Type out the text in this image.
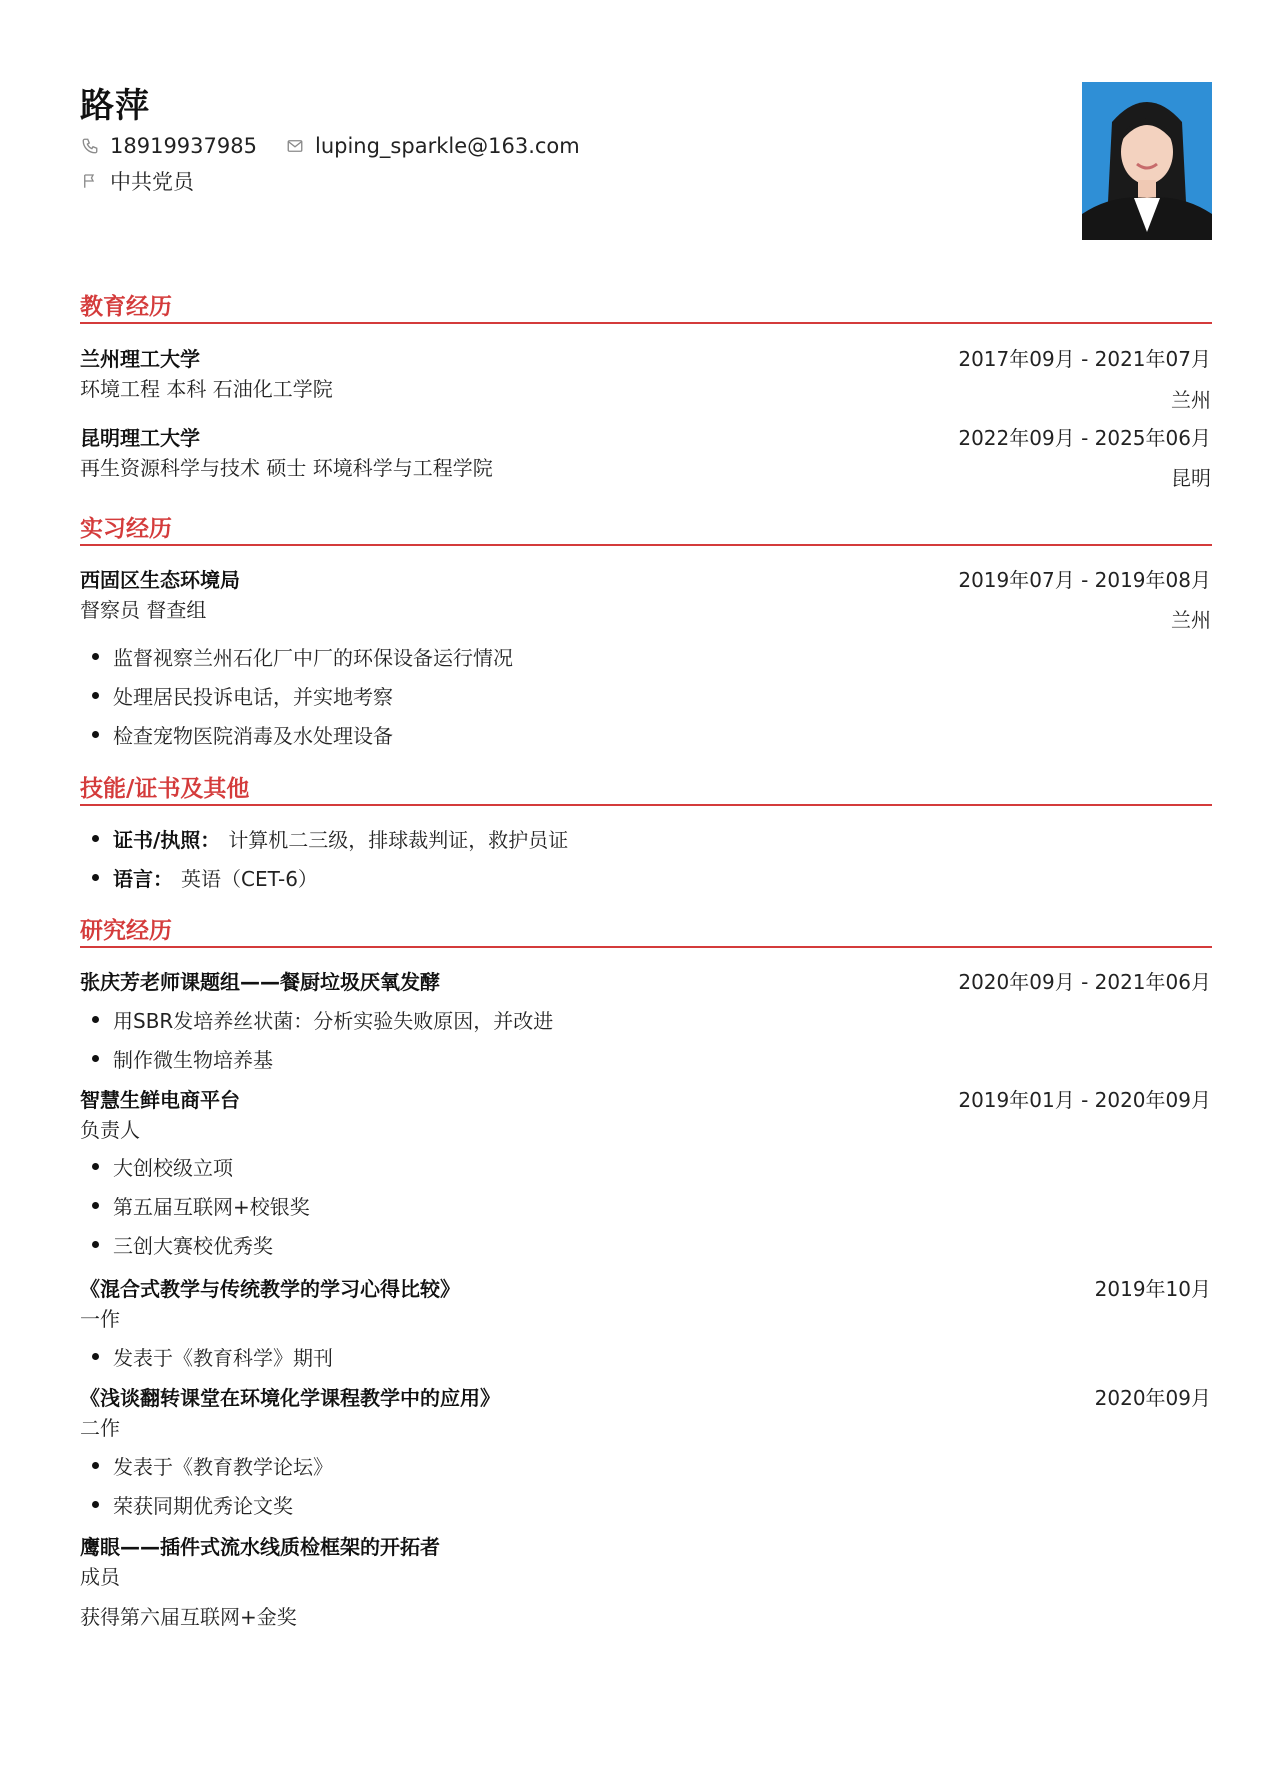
路萍
18919937985	luping_sparkle@163.com
中共党员
教育经历
兰州理工大学	2017年09月 - 2021年07月
环境工程 本科 石油化工学院	兰州
昆明理工大学	2022年09月 - 2025年06月
再生资源科学与技术 硕士 环境科学与工程学院	昆明
实习经历
西固区生态环境局	2019年07月 - 2019年08月
督察员 督查组	兰州
监督视察兰州石化厂中厂的环保设备运行情况
处理居民投诉电话，并实地考察
检查宠物医院消毒及水处理设备
技能/证书及其他
证书/执照： 计算机二三级，排球裁判证，救护员证
语言： 英语（CET-6）
研究经历
张庆芳老师课题组——餐厨垃圾厌氧发酵	2020年09月 - 2021年06月
用SBR发培养丝状菌：分析实验失败原因，并改进
制作微生物培养基
智慧生鲜电商平台	2019年01月 - 2020年09月
负责人
大创校级立项
第五届互联网+校银奖
三创大赛校优秀奖
《混合式教学与传统教学的学习心得比较》	2019年10月
一作
发表于《教育科学》期刊
《浅谈翻转课堂在环境化学课程教学中的应用》	2020年09月
二作
发表于《教育教学论坛》
荣获同期优秀论文奖
鹰眼——插件式流水线质检框架的开拓者
成员
获得第六届互联网+金奖
